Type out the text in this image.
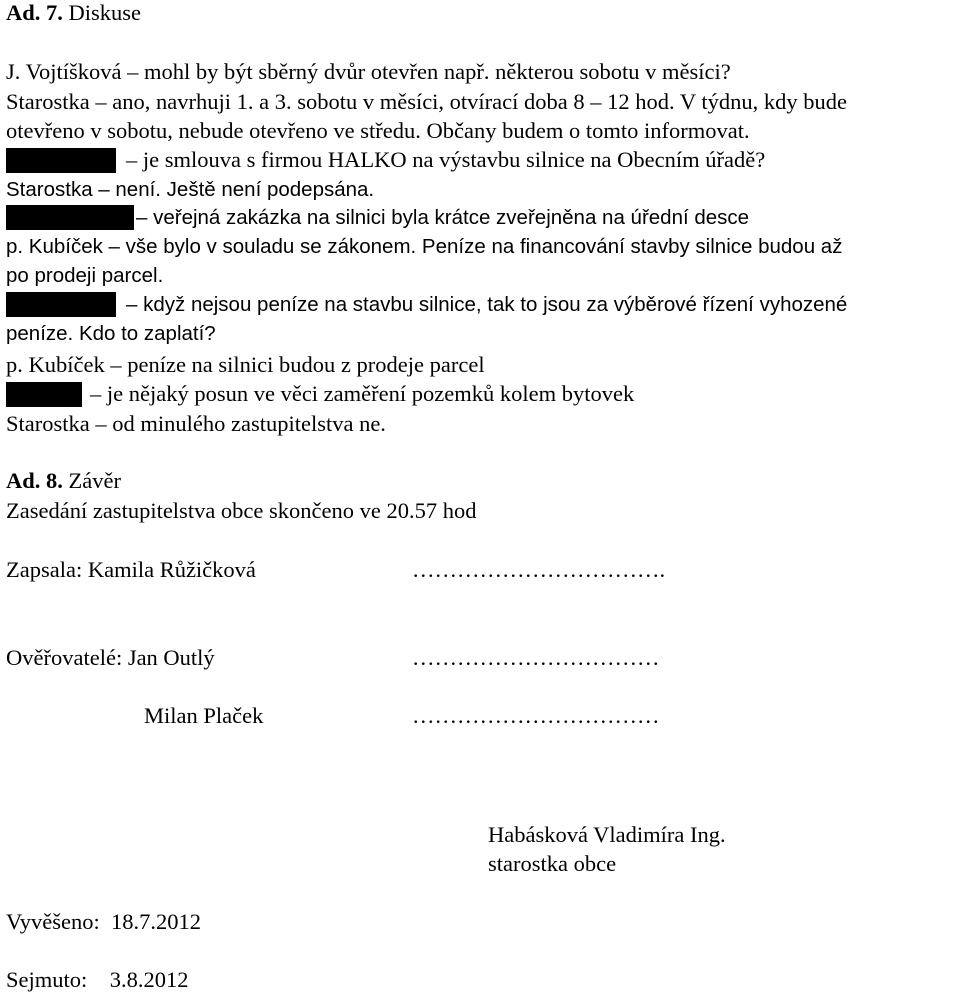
Ad. 7. Diskuse
J. Vojtíšková – mohl by být sběrný dvůr otevřen např. některou sobotu v měsíci?
Starostka – ano, navrhuji 1. a 3. sobotu v měsíci, otvírací doba 8 – 12 hod. V týdnu, kdy bude
otevřeno v sobotu, nebude otevřeno ve středu. Občany budem o tomto informovat.
– je smlouva s firmou HALKO na výstavbu silnice na Obecním úřadě?
Starostka – není. Ještě není podepsána.
– veřejná zakázka na silnici byla krátce zveřejněna na úřední desce
p. Kubíček – vše bylo v souladu se zákonem. Peníze na financování stavby silnice budou až
po prodeji parcel.
– když nejsou peníze na stavbu silnice, tak to jsou za výběrové řízení vyhozené
peníze. Kdo to zaplatí?
p. Kubíček – peníze na silnici budou z prodeje parcel
– je nějaký posun ve věci zaměření pozemků kolem bytovek
Starostka – od minulého zastupitelstva ne.
Ad. 8. Závěr
Zasedání zastupitelstva obce skončeno ve 20.57 hod
Zapsala: Kamila Růžičková	…………………………….
Ověřovatelé: Jan Outlý	……………………………
Milan Plaček	……………………………
Habásková Vladimíra Ing.
starostka obce
Vyvěšeno:  18.7.2012
Sejmuto:    3.8.2012
